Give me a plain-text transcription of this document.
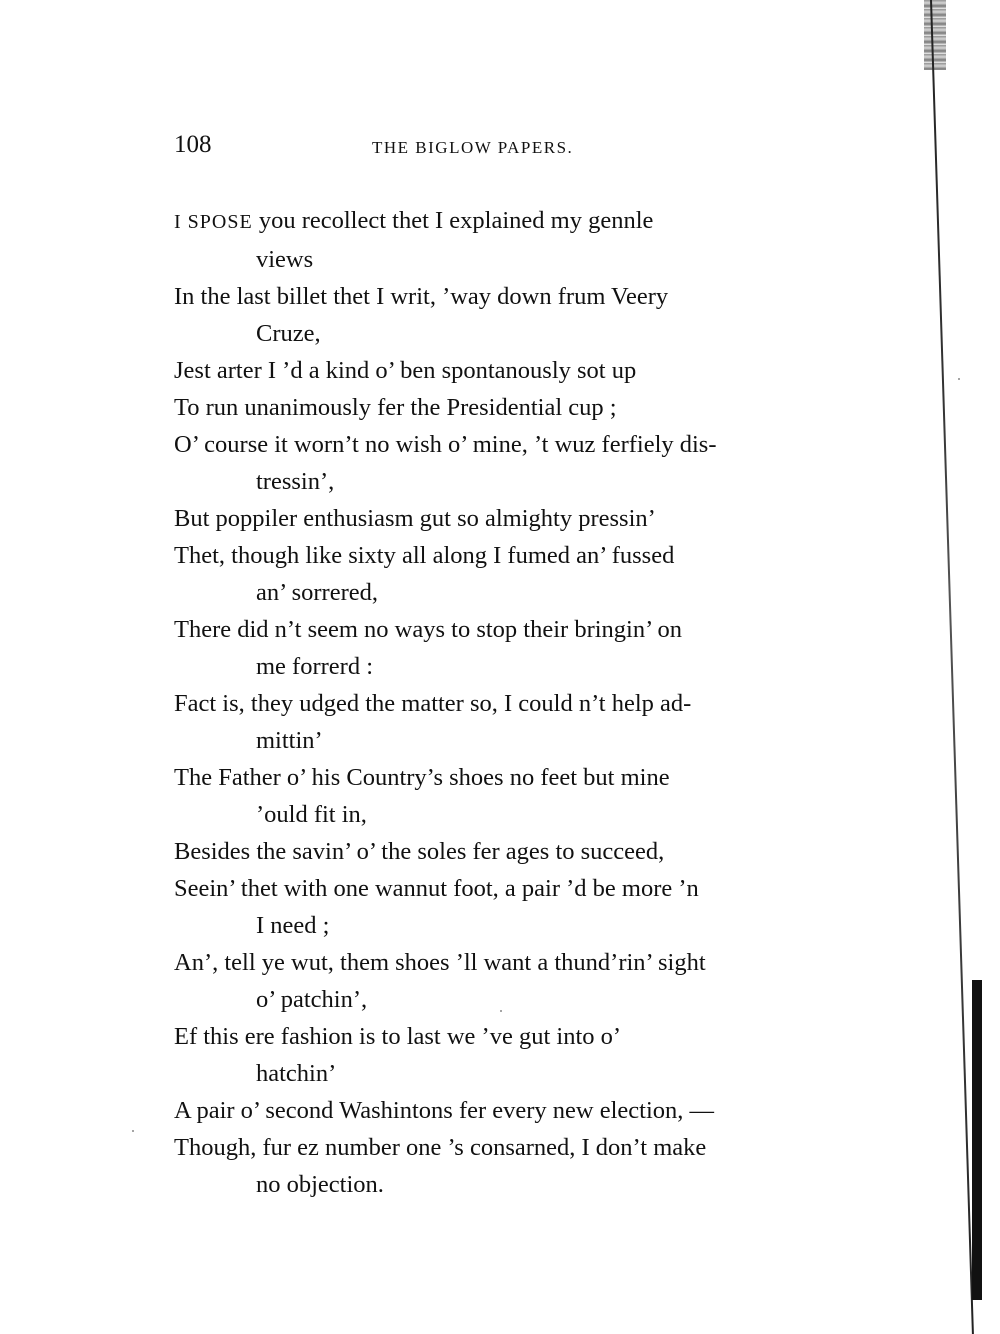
108	THE BIGLOW PAPERS.
I SPOSE you recollect thet I explained my gennle
views
In the last billet thet I writ, ’way down frum Veery
Cruze,
Jest arter I ’d a kind o’ ben spontanously sot up
To run unanimously fer the Presidential cup ;
O’ course it worn’t no wish o’ mine, ’t wuz ferfiely dis-
tressin’,
But poppiler enthusiasm gut so almighty pressin’
Thet, though like sixty all along I fumed an’ fussed
an’ sorrered,
There did n’t seem no ways to stop their bringin’ on
me forrerd :
Fact is, they udged the matter so, I could n’t help ad-
mittin’
The Father o’ his Country’s shoes no feet but mine
’ould fit in,
Besides the savin’ o’ the soles fer ages to succeed,
Seein’ thet with one wannut foot, a pair ’d be more ’n
I need ;
An’, tell ye wut, them shoes ’ll want a thund’rin’ sight
o’ patchin’,
Ef this ere fashion is to last we ’ve gut into o’
hatchin’
A pair o’ second Washintons fer every new election, —
Though, fur ez number one ’s consarned, I don’t make
no objection.
